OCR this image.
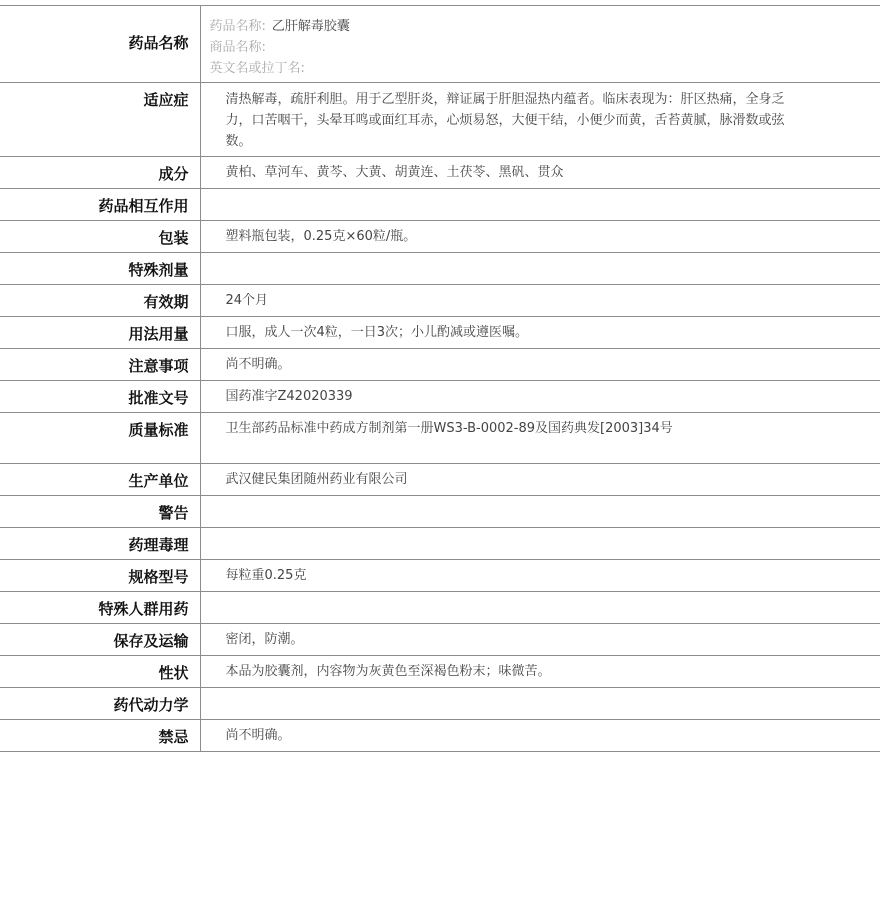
药品名称	药品名称: 乙肝解毒胶囊
商品名称:
英文名或拉丁名:

适应症	清热解毒，疏肝利胆。用于乙型肝炎，辩证属于肝胆湿热内蕴者。临床表现为：肝区热痛，全身乏力，口苦咽干，头晕耳鸣或面红耳赤，心烦易怒，大便干结，小便少而黄，舌苔黄腻，脉滑数或弦数。
成分	黄柏、草河车、黄芩、大黄、胡黄连、土茯苓、黑矾、贯众
药品相互作用	
包装	塑料瓶包装，0.25克×60粒/瓶。
特殊剂量	
有效期	24个月
用法用量	口服，成人一次4粒，一日3次；小儿酌减或遵医嘱。
注意事项	尚不明确。
批准文号	国药准字Z42020339
质量标准	卫生部药品标准中药成方制剂第一册WS3-B-0002-89及国药典发[2003]34号
生产单位	武汉健民集团随州药业有限公司
警告	
药理毒理	
规格型号	每粒重0.25克
特殊人群用药	
保存及运输	密闭，防潮。
性状	本品为胶囊剂，内容物为灰黄色至深褐色粉末；味微苦。
药代动力学	
禁忌	尚不明确。
